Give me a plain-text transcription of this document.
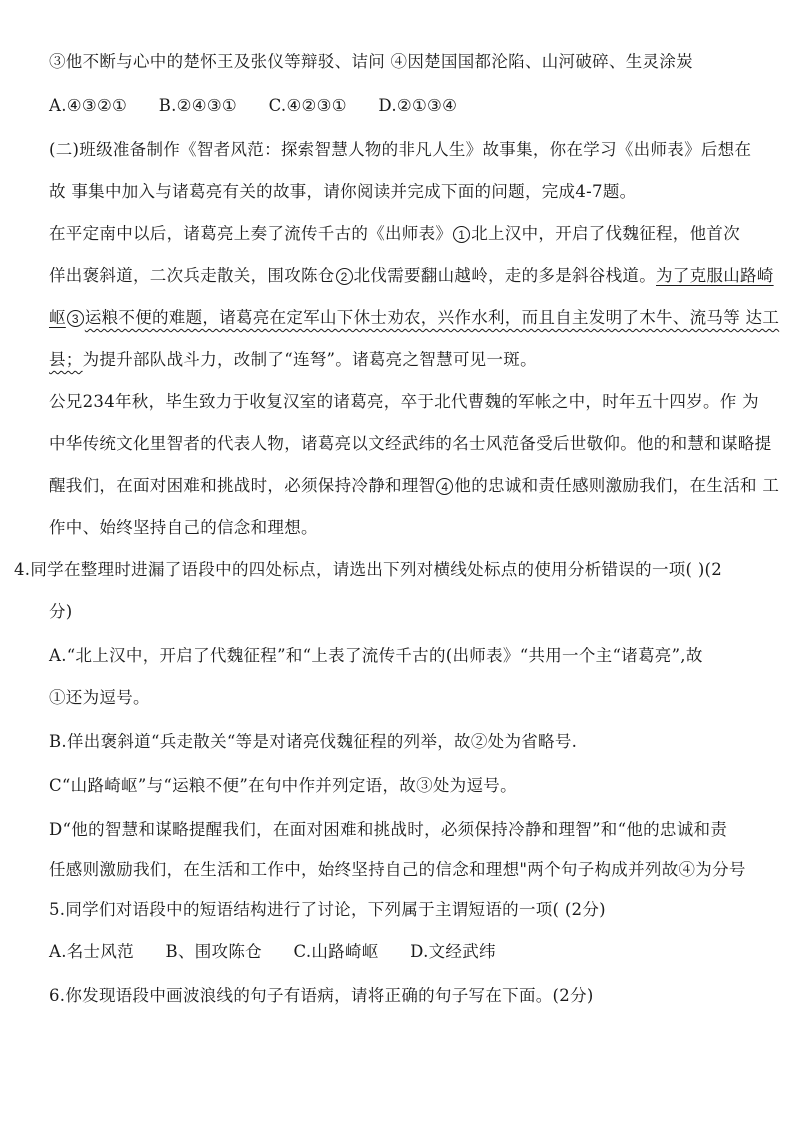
③他不断与心中的楚怀王及张仪等辩驳、诘问 ④因楚国国都沦陷、山河破碎、生灵涂炭
A.④③②① B.②④③① C.④②③① D.②①③④
(二)班级准备制作《智者风范：探索智慧人物的非凡人生》故事集，你在学习《出师表》后想在
故 事集中加入与诸葛亮有关的故事，请你阅读并完成下面的问题，完成4-7题。
在平定南中以后，诸葛亮上奏了流传千古的《出师表》 1 北上汉中，开启了伐魏征程，他首次
佯出褒斜道，二次兵走散关，围攻陈仓 2 北伐需要翻山越岭，走的多是斜谷栈道。为了克服山路崎
岖 3 运粮不便的难题，诸葛亮在定军山下休士劝农，兴作水利，而且自主发明了木牛、流马等 达工
县；为提升部队战斗力，改制了“连弩”。诸葛亮之智慧可见一斑。
公兄234年秋，毕生致力于收复汉室的诸葛亮，卒于北代曹魏的军帐之中，时年五十四岁。作 为
中华传统文化里智者的代表人物，诸葛亮以文经武纬的名士风范备受后世敬仰。他的和慧和谋略提
醒我们，在面对困难和挑战时，必须保持冷静和理智 4 他的忠诚和责任感则激励我们，在生活和 工
作中、始终坚持自己的信念和理想。
4.同学在整理时进漏了语段中的四处标点，请选出下列对横线处标点的使用分析错误的一项( )(2
分)
A.“北上汉中，开启了代魏征程”和“上表了流传千古的(出师表》“共用一个主“诸葛亮”,故
①还为逗号。
B.佯出褒斜道“兵走散关“等是对诸亮伐魏征程的列举，故②处为省略号.
C“山路崎岖”与“运粮不便”在句中作并列定语，故③处为逗号。
D“他的智慧和谋略提醒我们，在面对困难和挑战时，必须保持冷静和理智”和“他的忠诚和责
任感则激励我们，在生活和工作中，始终坚持自己的信念和理想"两个句子构成并列故④为分号
5.同学们对语段中的短语结构进行了讨论，下列属于主谓短语的一项( (2分)
A.名士风范 B、围攻陈仓 C.山路崎岖 D.文经武纬
6.你发现语段中画波浪线的句子有语病，请将正确的句子写在下面。(2分)
